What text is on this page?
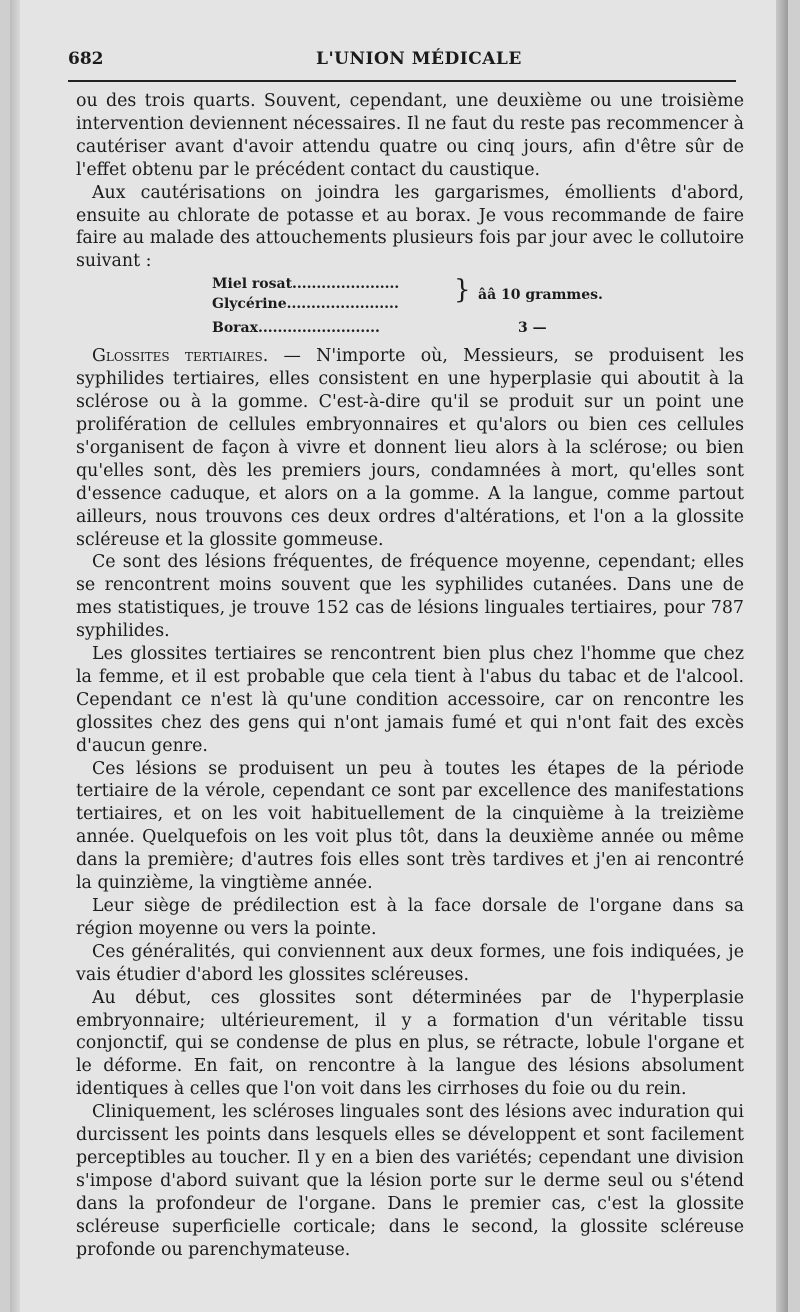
682	L'UNION MÉDICALE

ou des trois quarts. Souvent, cependant, une deuxième ou une troisième intervention deviennent nécessaires. Il ne faut du reste pas recommencer à cautériser avant d'avoir attendu quatre ou cinq jours, afin d'être sûr de l'effet obtenu par le précédent contact du caustique.

Aux cautérisations on joindra les gargarismes, émollients d'abord, ensuite au chlorate de potasse et au borax. Je vous recommande de faire faire au malade des attouchements plusieurs fois par jour avec le collutoire suivant :

Miel rosat......................
Glycérine....................... } ââ 10 grammes.
Borax.........................	3 —

Glossites tertiaires. — N'importe où, Messieurs, se produisent les syphilides tertiaires, elles consistent en une hyperplasie qui aboutit à la sclérose ou à la gomme. C'est-à-dire qu'il se produit sur un point une prolifération de cellules embryonnaires et qu'alors ou bien ces cellules s'organisent de façon à vivre et donnent lieu alors à la sclérose; ou bien qu'elles sont, dès les premiers jours, condamnées à mort, qu'elles sont d'essence caduque, et alors on a la gomme. A la langue, comme partout ailleurs, nous trouvons ces deux ordres d'altérations, et l'on a la glossite scléreuse et la glossite gommeuse.

Ce sont des lésions fréquentes, de fréquence moyenne, cependant; elles se rencontrent moins souvent que les syphilides cutanées. Dans une de mes statistiques, je trouve 152 cas de lésions linguales tertiaires, pour 787 syphilides.

Les glossites tertiaires se rencontrent bien plus chez l'homme que chez la femme, et il est probable que cela tient à l'abus du tabac et de l'alcool. Cependant ce n'est là qu'une condition accessoire, car on rencontre les glossites chez des gens qui n'ont jamais fumé et qui n'ont fait des excès d'aucun genre.

Ces lésions se produisent un peu à toutes les étapes de la période tertiaire de la vérole, cependant ce sont par excellence des manifestations tertiaires, et on les voit habituellement de la cinquième à la treizième année. Quelquefois on les voit plus tôt, dans la deuxième année ou même dans la première; d'autres fois elles sont très tardives et j'en ai rencontré la quinzième, la vingtième année.

Leur siège de prédilection est à la face dorsale de l'organe dans sa région moyenne ou vers la pointe.

Ces généralités, qui conviennent aux deux formes, une fois indiquées, je vais étudier d'abord les glossites scléreuses.

Au début, ces glossites sont déterminées par de l'hyperplasie embryonnaire; ultérieurement, il y a formation d'un véritable tissu conjonctif, qui se condense de plus en plus, se rétracte, lobule l'organe et le déforme. En fait, on rencontre à la langue des lésions absolument identiques à celles que l'on voit dans les cirrhoses du foie ou du rein.

Cliniquement, les scléroses linguales sont des lésions avec induration qui durcissent les points dans lesquels elles se développent et sont facilement perceptibles au toucher. Il y en a bien des variétés; cependant une division s'impose d'abord suivant que la lésion porte sur le derme seul ou s'étend dans la profondeur de l'organe. Dans le premier cas, c'est la glossite scléreuse superficielle corticale; dans le second, la glossite scléreuse profonde ou parenchymateuse.
